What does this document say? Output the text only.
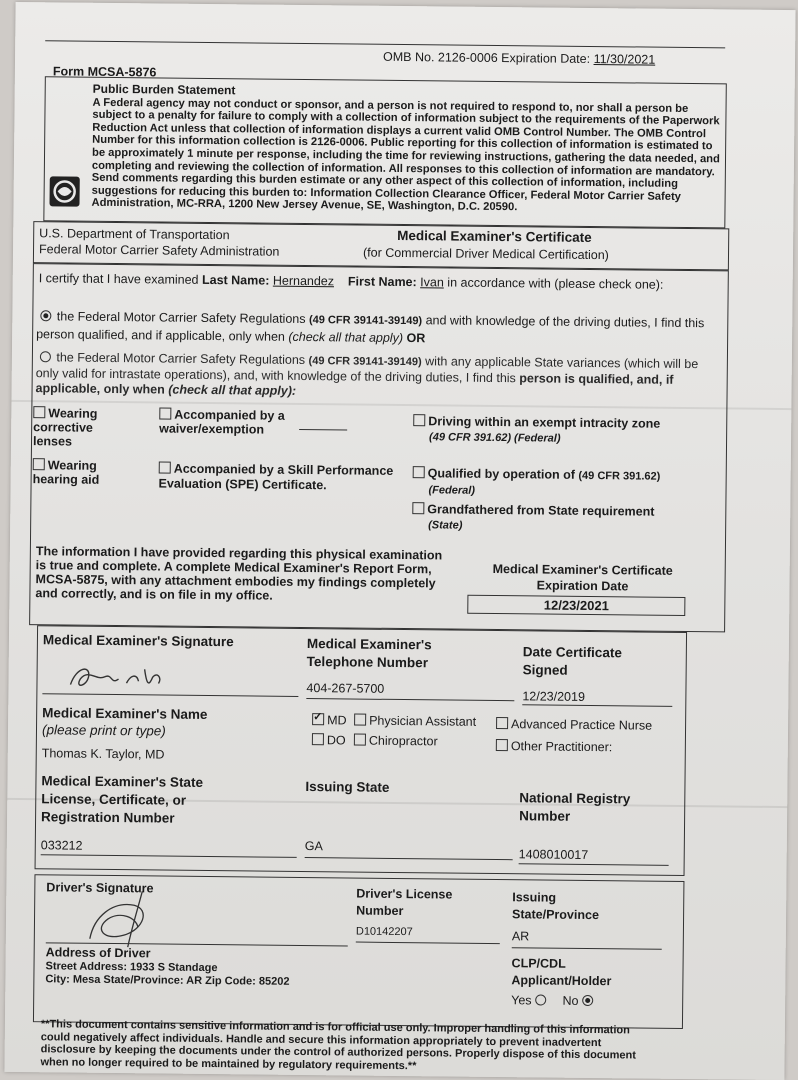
OMB No. 2126-0006 Expiration Date: 11/30/2021
Form MCSA-5876
Public Burden Statement
A Federal agency may not conduct or sponsor, and a person is not required to respond to, nor shall a person be subject to a penalty for failure to comply with a collection of information subject to the requirements of the Paperwork Reduction Act unless that collection of information displays a current valid OMB Control Number. The OMB Control Number for this information collection is 2126-0006. Public reporting for this collection of information is estimated to be approximately 1 minute per response, including the time for reviewing instructions, gathering the data needed, and completing and reviewing the collection of information. All responses to this collection of information are mandatory. Send comments regarding this burden estimate or any other aspect of this collection of information, including suggestions for reducing this burden to: Information Collection Clearance Officer, Federal Motor Carrier Safety Administration, MC-RRA, 1200 New Jersey Avenue, SE, Washington, D.C. 20590.
U.S. Department of Transportation
Federal Motor Carrier Safety Administration
Medical Examiner's Certificate
(for Commercial Driver Medical Certification)
I certify that I have examined Last Name: Hernandez First Name: Ivan in accordance with (please check one):
the Federal Motor Carrier Safety Regulations (49 CFR 39141-39149) and with knowledge of the driving duties, I find this person qualified, and if applicable, only when (check all that apply) OR
the Federal Motor Carrier Safety Regulations (49 CFR 39141-39149) with any applicable State variances (which will be only valid for intrastate operations), and, with knowledge of the driving duties, I find this person is qualified, and, if applicable, only when (check all that apply):
Wearing corrective lenses
Wearing hearing aid
Accompanied by a waiver/exemption
Accompanied by a Skill Performance Evaluation (SPE) Certificate.
Driving within an exempt intracity zone
(49 CFR 391.62) (Federal)
Qualified by operation of (49 CFR 391.62)
(Federal)
Grandfathered from State requirement
(State)
The information I have provided regarding this physical examination is true and complete. A complete Medical Examiner's Report Form, MCSA-5875, with any attachment embodies my findings completely and correctly, and is on file in my office.
Medical Examiner's Certificate
Expiration Date
12/23/2021
Medical Examiner's Signature	Medical Examiner's
Telephone Number
404-267-5700
Date Certificate
Signed
12/23/2019
Medical Examiner's Name
(please print or type)
Thomas K. Taylor, MD
✓MD	Physician Assistant	Advanced Practice Nurse
DO	Chiropractor	Other Practitioner:
Medical Examiner's State
License, Certificate, or
Registration Number
033212
Issuing State
GA
National Registry
Number
1408010017
Driver's Signature	Driver's License
Number
D10142207
Issuing
State/Province
AR
Address of Driver
Street Address: 1933 S Standage
City: Mesa State/Province: AR Zip Code: 85202
CLP/CDL
Applicant/Holder
Yes No
**This document contains sensitive information and is for official use only. Improper handling of this information could negatively affect individuals. Handle and secure this information appropriately to prevent inadvertent disclosure by keeping the documents under the control of authorized persons. Properly dispose of this document when no longer required to be maintained by regulatory requirements.**
